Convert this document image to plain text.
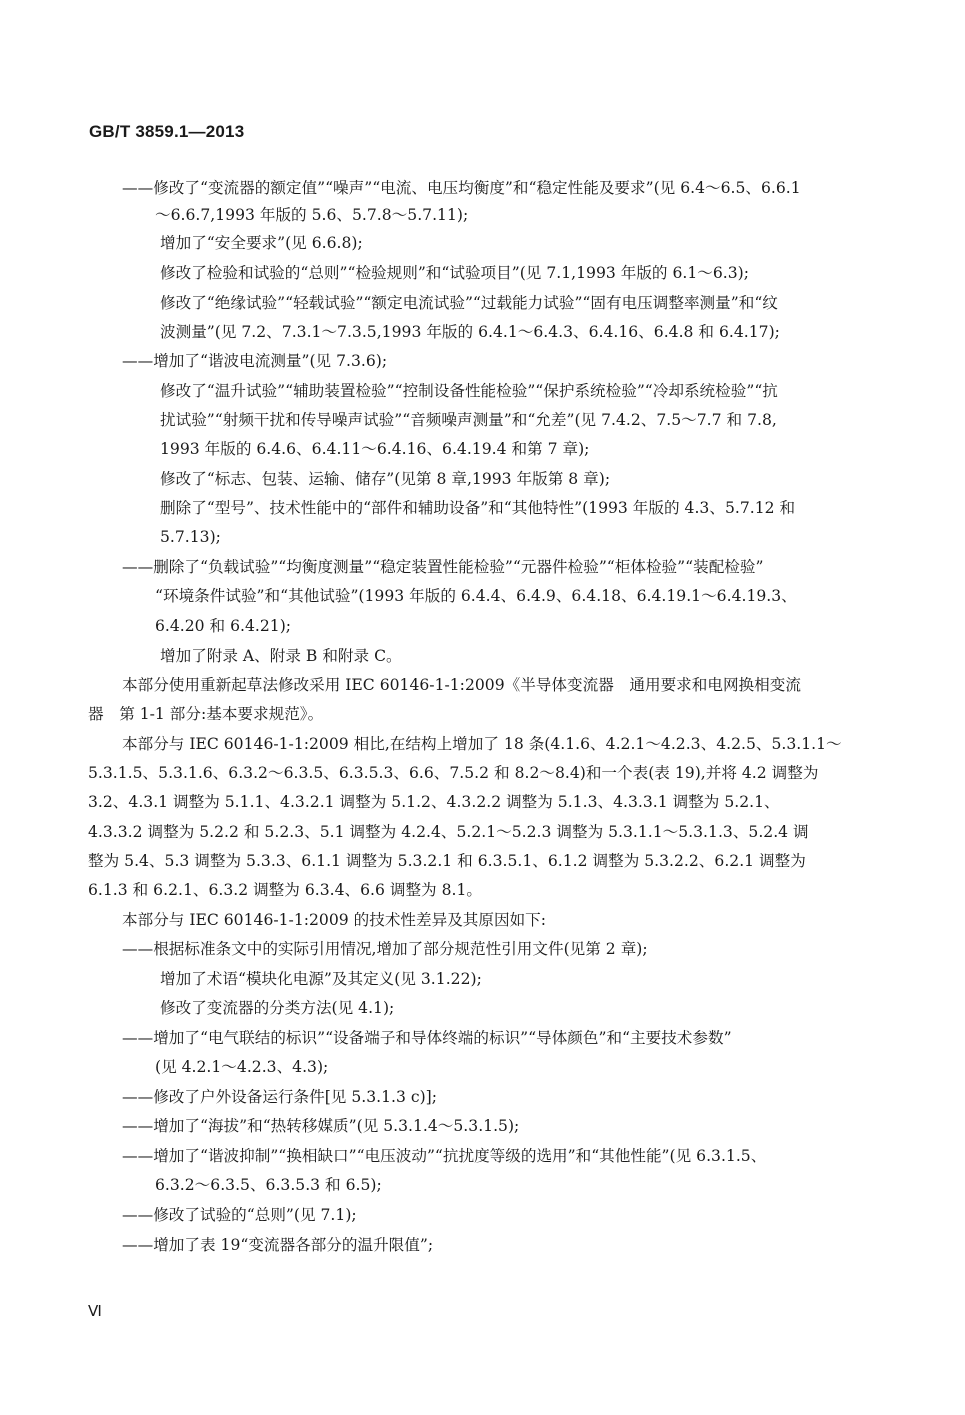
GB/T 3859.1—2013
——修改了“变流器的额定值”“噪声”“电流、电压均衡度”和“稳定性能及要求”(见 6.4～6.5、6.6.1
～6.6.7,1993 年版的 5.6、5.7.8～5.7.11);
增加了“安全要求”(见 6.6.8);
修改了检验和试验的“总则”“检验规则”和“试验项目”(见 7.1,1993 年版的 6.1～6.3);
修改了“绝缘试验”“轻载试验”“额定电流试验”“过载能力试验”“固有电压调整率测量”和“纹
波测量”(见 7.2、7.3.1～7.3.5,1993 年版的 6.4.1～6.4.3、6.4.16、6.4.8 和 6.4.17);
——增加了“谐波电流测量”(见 7.3.6);
修改了“温升试验”“辅助装置检验”“控制设备性能检验”“保护系统检验”“冷却系统检验”“抗
扰试验”“射频干扰和传导噪声试验”“音频噪声测量”和“允差”(见 7.4.2、7.5～7.7 和 7.8,
1993 年版的 6.4.6、6.4.11～6.4.16、6.4.19.4 和第 7 章);
修改了“标志、包装、运输、储存”(见第 8 章,1993 年版第 8 章);
删除了“型号”、技术性能中的“部件和辅助设备”和“其他特性”(1993 年版的 4.3、5.7.12 和
5.7.13);
——删除了“负载试验”“均衡度测量”“稳定装置性能检验”“元器件检验”“柜体检验”“装配检验”
“环境条件试验”和“其他试验”(1993 年版的 6.4.4、6.4.9、6.4.18、6.4.19.1～6.4.19.3、
6.4.20 和 6.4.21);
增加了附录 A、附录 B 和附录 C。
本部分使用重新起草法修改采用 IEC 60146-1-1:2009《半导体变流器　通用要求和电网换相变流
器　第 1-1 部分:基本要求规范》。
本部分与 IEC 60146-1-1:2009 相比,在结构上增加了 18 条(4.1.6、4.2.1～4.2.3、4.2.5、5.3.1.1～
5.3.1.5、5.3.1.6、6.3.2～6.3.5、6.3.5.3、6.6、7.5.2 和 8.2～8.4)和一个表(表 19),并将 4.2 调整为
3.2、4.3.1 调整为 5.1.1、4.3.2.1 调整为 5.1.2、4.3.2.2 调整为 5.1.3、4.3.3.1 调整为 5.2.1、
4.3.3.2 调整为 5.2.2 和 5.2.3、5.1 调整为 4.2.4、5.2.1～5.2.3 调整为 5.3.1.1～5.3.1.3、5.2.4 调
整为 5.4、5.3 调整为 5.3.3、6.1.1 调整为 5.3.2.1 和 6.3.5.1、6.1.2 调整为 5.3.2.2、6.2.1 调整为
6.1.3 和 6.2.1、6.3.2 调整为 6.3.4、6.6 调整为 8.1。
本部分与 IEC 60146-1-1:2009 的技术性差异及其原因如下:
——根据标准条文中的实际引用情况,增加了部分规范性引用文件(见第 2 章);
增加了术语“模块化电源”及其定义(见 3.1.22);
修改了变流器的分类方法(见 4.1);
——增加了“电气联结的标识”“设备端子和导体终端的标识”“导体颜色”和“主要技术参数”
(见 4.2.1～4.2.3、4.3);
——修改了户外设备运行条件[见 5.3.1.3 c)];
——增加了“海拔”和“热转移媒质”(见 5.3.1.4～5.3.1.5);
——增加了“谐波抑制”“换相缺口”“电压波动”“抗扰度等级的选用”和“其他性能”(见 6.3.1.5、
6.3.2～6.3.5、6.3.5.3 和 6.5);
——修改了试验的“总则”(见 7.1);
——增加了表 19“变流器各部分的温升限值”;
Ⅵ
